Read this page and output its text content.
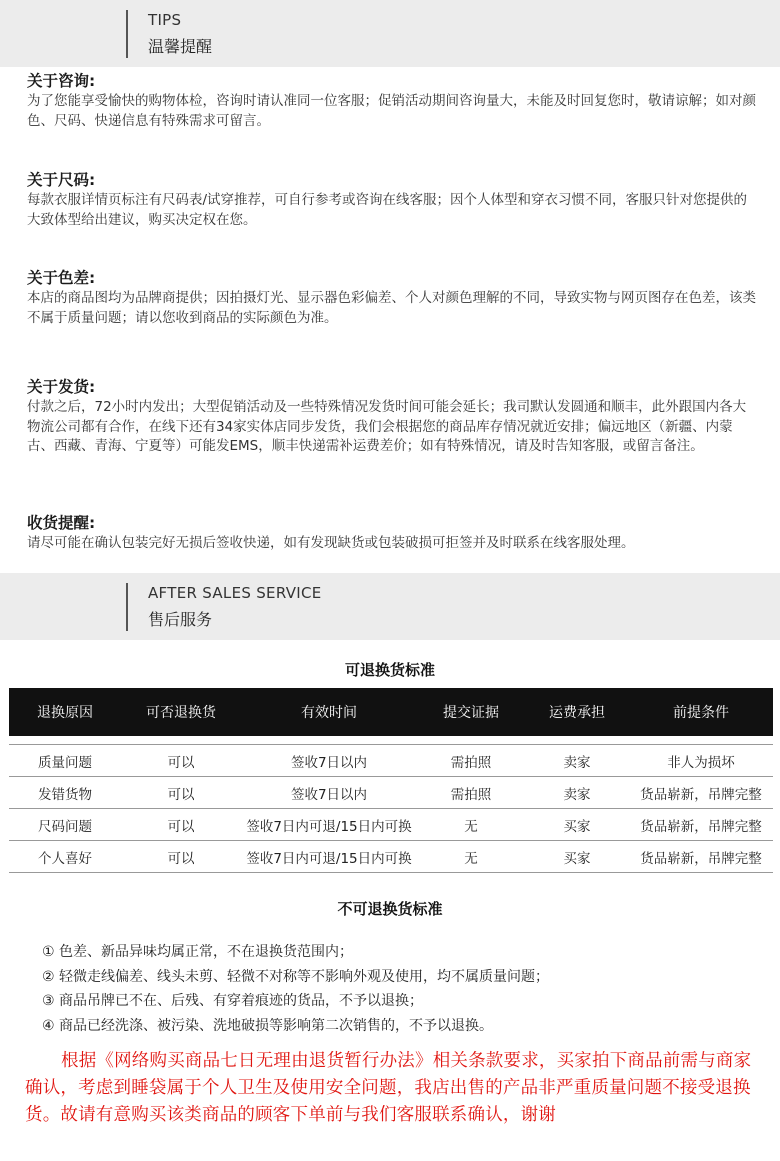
TIPS
温馨提醒
关于咨询:

为了您能享受愉快的购物体检，咨询时请认准同一位客服；促销活动期间咨询量大，未能及时回复您时，敬请谅解；如对颜色、尺码、快递信息有特殊需求可留言。

关于尺码:

每款衣服详情页标注有尺码表/试穿推荐，可自行参考或咨询在线客服；因个人体型和穿衣习惯不同，客服只针对您提供的大致体型给出建议，购买决定权在您。

关于色差:

本店的商品图均为品牌商提供；因拍摄灯光、显示器色彩偏差、个人对颜色理解的不同，导致实物与网页图存在色差，该类不属于质量问题；请以您收到商品的实际颜色为准。

关于发货:

付款之后，72小时内发出；大型促销活动及一些特殊情况发货时间可能会延长；我司默认发圆通和顺丰，此外跟国内各大物流公司都有合作，在线下还有34家实体店同步发货，我们会根据您的商品库存情况就近安排；偏远地区（新疆、内蒙古、西藏、青海、宁夏等）可能发EMS，顺丰快递需补运费差价；如有特殊情况，请及时告知客服，或留言备注。

收货提醒:

请尽可能在确认包装完好无损后签收快递，如有发现缺货或包装破损可拒签并及时联系在线客服处理。

AFTER SALES SERVICE
售后服务
可退换货标准
退换原因	可否退换货	有效时间	提交证据	运费承担	前提条件

质量问题	可以	签收7日以内	需拍照	卖家	非人为损坏
发错货物	可以	签收7日以内	需拍照	卖家	货品崭新，吊牌完整
尺码问题	可以	签收7日内可退/15日内可换	无	买家	货品崭新，吊牌完整
个人喜好	可以	签收7日内可退/15日内可换	无	买家	货品崭新，吊牌完整
不可退换货标准
① 色差、新品异味均属正常，不在退换货范围内；
② 轻微走线偏差、线头未剪、轻微不对称等不影响外观及使用，均不属质量问题；
③ 商品吊牌已不在、后残、有穿着痕迹的货品，不予以退换；
④ 商品已经洗涤、被污染、洗地破损等影响第二次销售的，不予以退换。
根据《网络购买商品七日无理由退货暂行办法》相关条款要求，买家拍下商品前需与商家确认，考虑到睡袋属于个人卫生及使用安全问题，我店出售的产品非严重质量问题不接受退换货。故请有意购买该类商品的顾客下单前与我们客服联系确认，谢谢
